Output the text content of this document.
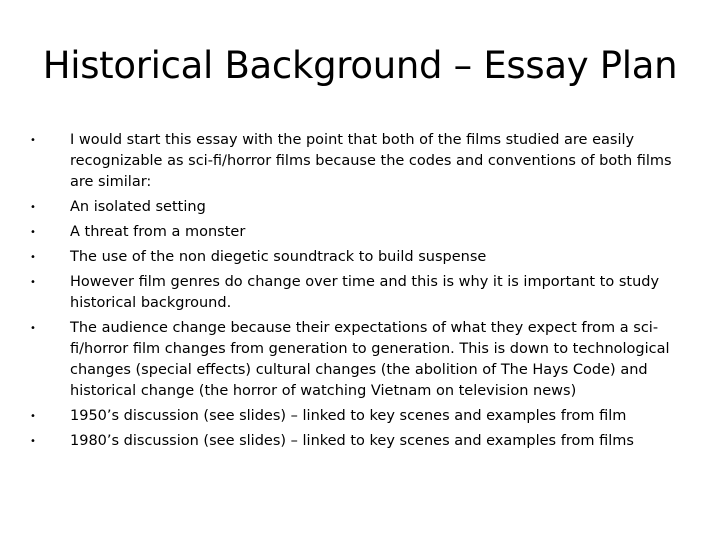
Historical Background – Essay Plan
•	I would start this essay with the point that both of the films studied are easily recognizable as sci-fi/horror films because the codes and conventions of both films are similar:
•	An isolated setting
•	A threat from a monster
•	The use of the non diegetic soundtrack to build suspense
•	However film genres do change over time and this is why it is important to study historical background.
•	The audience change because their expectations of what they expect from a sci-fi/horror film changes from generation to generation. This is down to technological changes (special effects) cultural changes (the abolition of The Hays Code) and historical change (the horror of watching Vietnam on television news)
•	1950’s discussion (see slides) – linked to key scenes and examples from film
•	1980’s discussion (see slides) – linked to key scenes and examples from films
